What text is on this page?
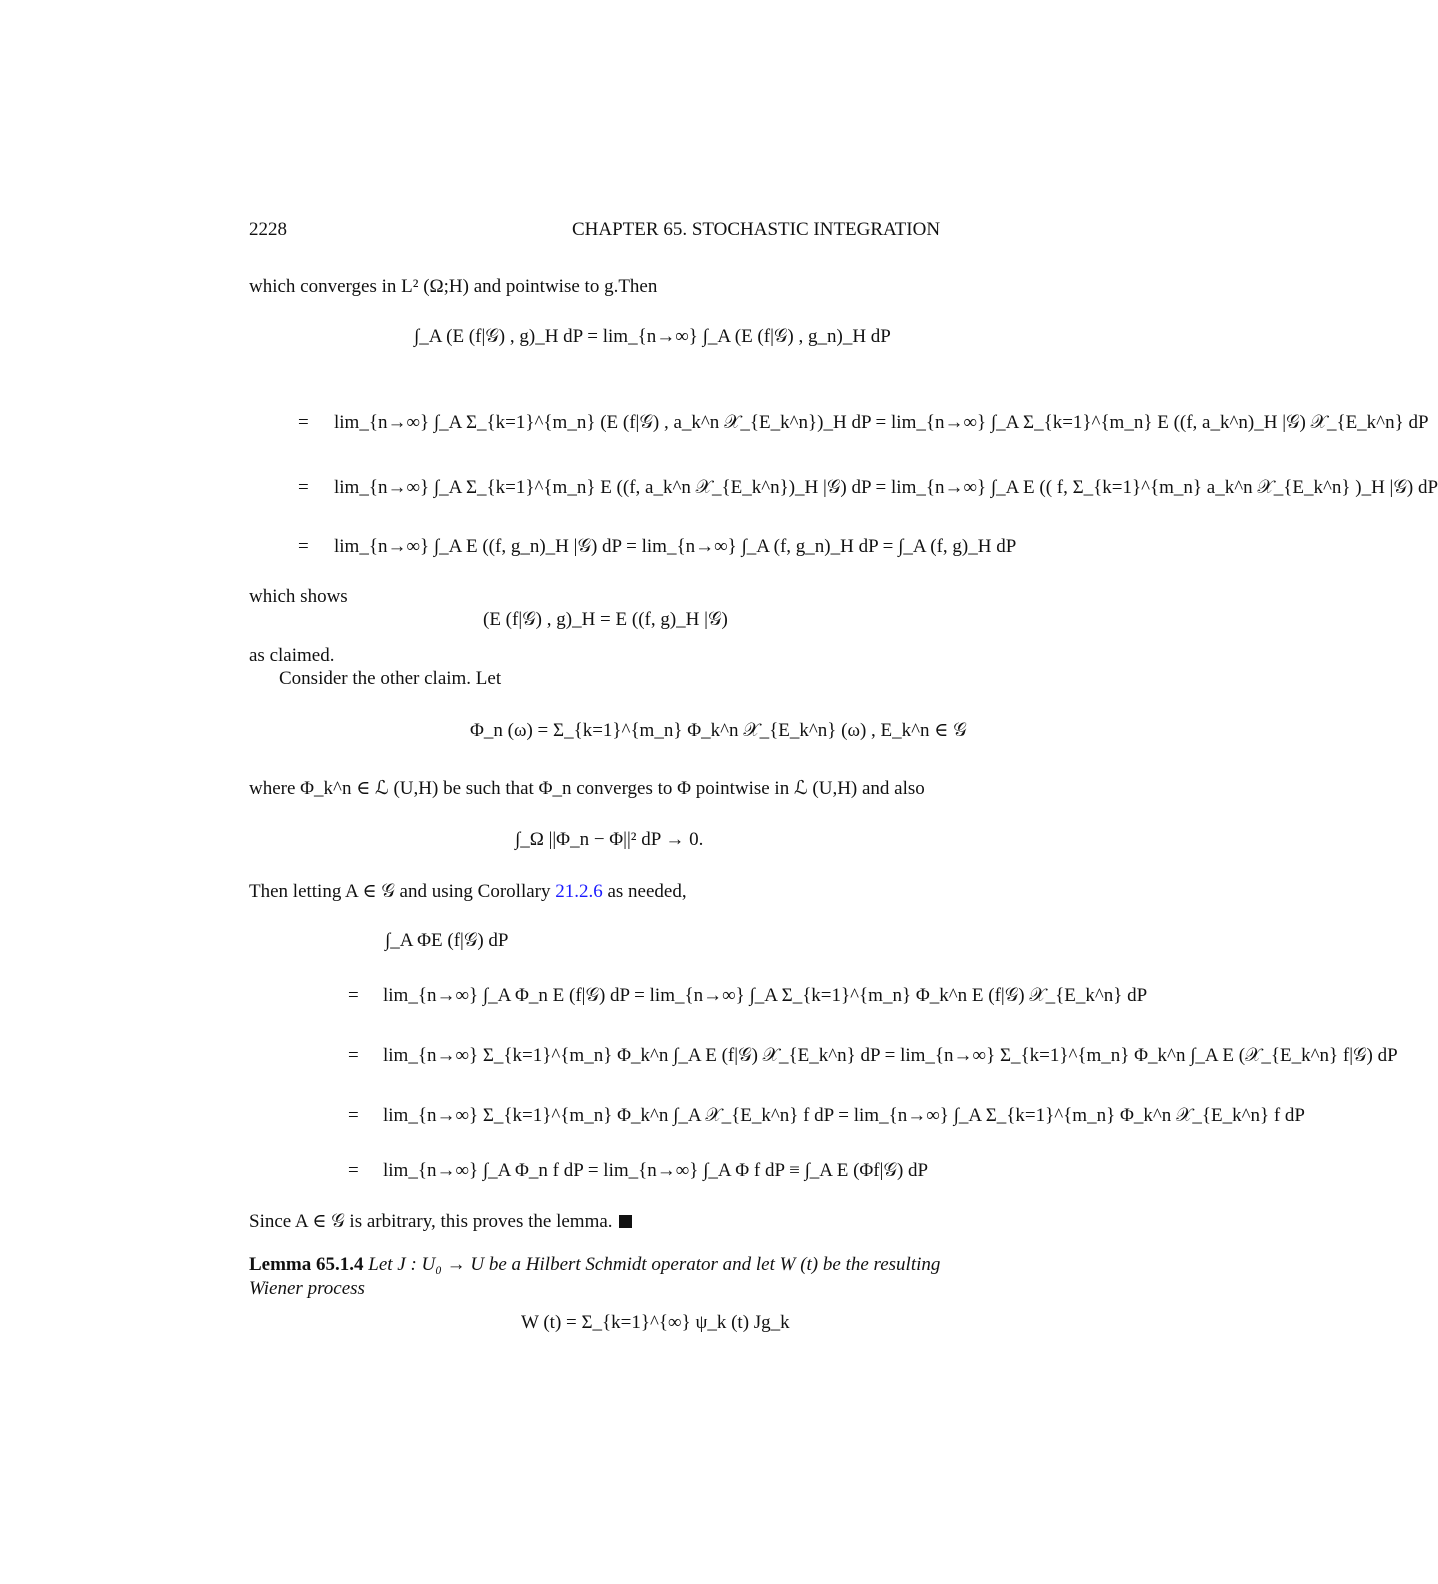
2228	CHAPTER 65. STOCHASTIC INTEGRATION
which converges in L² (Ω;H) and pointwise to g.Then
∫_A (E (f|𝒢) , g)_H dP = lim_{n→∞} ∫_A (E (f|𝒢) , g_n)_H dP
= lim_{n→∞} ∫_A Σ_{k=1}^{m_n} (E (f|𝒢) , a_k^n 𝒳_{E_k^n})_H dP = lim_{n→∞} ∫_A Σ_{k=1}^{m_n} E ((f, a_k^n)_H |𝒢) 𝒳_{E_k^n} dP
= lim_{n→∞} ∫_A Σ_{k=1}^{m_n} E ((f, a_k^n 𝒳_{E_k^n})_H |𝒢) dP = lim_{n→∞} ∫_A E (( f, Σ_{k=1}^{m_n} a_k^n 𝒳_{E_k^n} )_H |𝒢) dP
= lim_{n→∞} ∫_A E ((f, g_n)_H |𝒢) dP = lim_{n→∞} ∫_A (f, g_n)_H dP = ∫_A (f, g)_H dP
which shows
(E (f|𝒢) , g)_H = E ((f, g)_H |𝒢)
as claimed.
Consider the other claim. Let
Φ_n (ω) = Σ_{k=1}^{m_n} Φ_k^n 𝒳_{E_k^n} (ω) , E_k^n ∈ 𝒢
where Φ_k^n ∈ ℒ (U,H) be such that Φ_n converges to Φ pointwise in ℒ (U,H) and also
∫_Ω ||Φ_n − Φ||² dP → 0.
Then letting A ∈ 𝒢 and using Corollary 21.2.6 as needed,
∫_A ΦE (f|𝒢) dP
= lim_{n→∞} ∫_A Φ_n E (f|𝒢) dP = lim_{n→∞} ∫_A Σ_{k=1}^{m_n} Φ_k^n E (f|𝒢) 𝒳_{E_k^n} dP
= lim_{n→∞} Σ_{k=1}^{m_n} Φ_k^n ∫_A E (f|𝒢) 𝒳_{E_k^n} dP = lim_{n→∞} Σ_{k=1}^{m_n} Φ_k^n ∫_A E (𝒳_{E_k^n} f|𝒢) dP
= lim_{n→∞} Σ_{k=1}^{m_n} Φ_k^n ∫_A 𝒳_{E_k^n} f dP = lim_{n→∞} ∫_A Σ_{k=1}^{m_n} Φ_k^n 𝒳_{E_k^n} f dP
= lim_{n→∞} ∫_A Φ_n f dP = lim_{n→∞} ∫_A Φ f dP ≡ ∫_A E (Φf|𝒢) dP
Since A ∈ 𝒢 is arbitrary, this proves the lemma.
Lemma 65.1.4 Let J : U₀ → U be a Hilbert Schmidt operator and let W (t) be the resulting
Wiener process
W (t) = Σ_{k=1}^{∞} ψ_k (t) Jg_k
